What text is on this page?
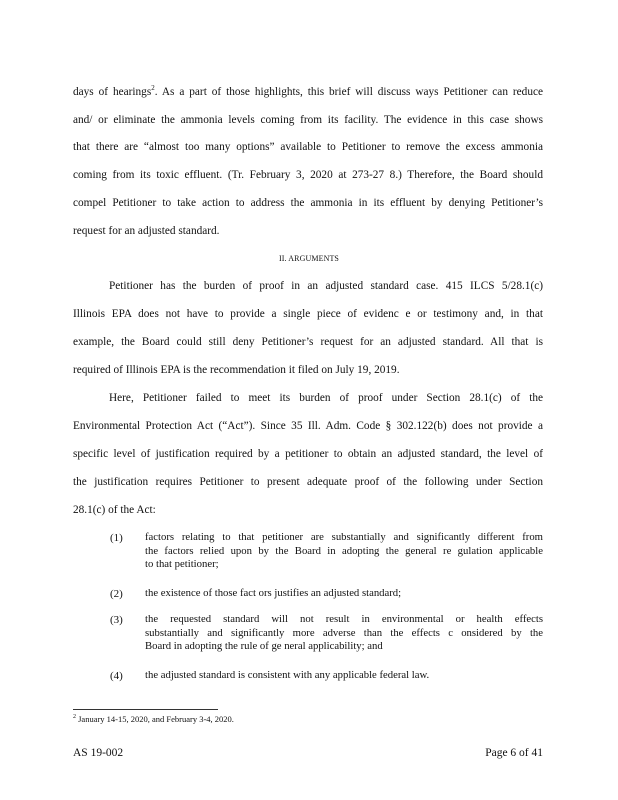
days of hearings$^2$. As a part of those highlights, this brief will discuss ways Petitioner can reduce
and/ or eliminate the ammonia levels coming from its facility. The evidence in this case shows
that there are “almost too many options” available to Petitioner to remove the excess ammonia
coming from its toxic effluent. (Tr. February 3, 2020 at 273-27 8.) Therefore, the Board should
compel Petitioner to take action to address the ammonia in its effluent by denying Petitioner’s
request for an adjusted standard.
II. ARGUMENTS
Petitioner has the burden of proof in an adjusted standard case. 415 ILCS 5/28.1(c)
Illinois EPA does not have to provide a single piece of evidenc e or testimony and, in that
example, the Board could still deny Petitioner’s request for an adjusted standard. All that is
required of Illinois EPA is the recommendation it filed on July 19, 2019.
Here, Petitioner failed to meet its burden of proof under Section 28.1(c) of the
Environmental Protection Act (“Act”). Since 35 Ill. Adm. Code § 302.122(b) does not provide a
specific level of justification required by a petitioner to obtain an adjusted standard, the level of
the justification requires Petitioner to present adequate proof of the following under Section
28.1(c) of the Act:
(1) factors relating to that petitioner are substantially and significantly different from
the factors relied upon by the Board in adopting the general re gulation applicable
to that petitioner;
(2) the existence of those fact ors justifies an adjusted standard;
(3) the requested standard will not result in environmental or health effects
substantially and significantly more adverse than the effects c onsidered by the
Board in adopting the rule of ge neral applicability; and
(4) the adjusted standard is consistent with any applicable federal law.
$^2$ January 14-15, 2020, and February 3-4, 2020.
AS 19-002	Page 6 of 41
